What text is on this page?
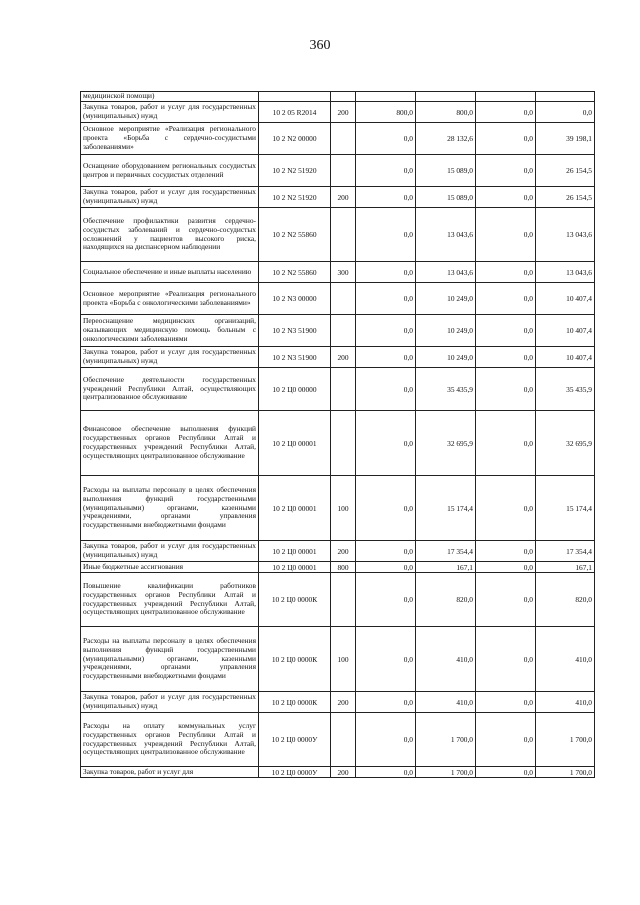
360
медицинской помощи)						
Закупка товаров, работ и услуг для государственных (муниципальных) нужд	10 2 05 R2014	200	800,0	800,0	0,0	0,0
Основное мероприятие «Реализация регионального проекта «Борьба с сердечно-сосудистыми заболеваниями»	10 2 N2 00000		0,0	28 132,6	0,0	39 198,1
Оснащение оборудованием региональных сосудистых центров и первичных сосудистых отделений	10 2 N2 51920		0,0	15 089,0	0,0	26 154,5
Закупка товаров, работ и услуг для государственных (муниципальных) нужд	10 2 N2 51920	200	0,0	15 089,0	0,0	26 154,5
Обеспечение профилактики развития сердечно-сосудистых заболеваний и сердечно-сосудистых осложнений у пациентов высокого риска, находящихся на диспансерном наблюдении	10 2 N2 55860		0,0	13 043,6	0,0	13 043,6
Социальное обеспечение и иные выплаты населению	10 2 N2 55860	300	0,0	13 043,6	0,0	13 043,6
Основное мероприятие «Реализация регионального проекта «Борьба с онкологическими заболеваниями»	10 2 N3 00000		0,0	10 249,0	0,0	10 407,4
Переоснащение медицинских организаций, оказывающих медицинскую помощь больным с онкологическими заболеваниями	10 2 N3 51900		0,0	10 249,0	0,0	10 407,4
Закупка товаров, работ и услуг для государственных (муниципальных) нужд	10 2 N3 51900	200	0,0	10 249,0	0,0	10 407,4
Обеспечение деятельности государственных учреждений Республики Алтай, осуществляющих централизованное обслуживание	10 2 Ц0 00000		0,0	35 435,9	0,0	35 435,9
Финансовое обеспечение выполнения функций государственных органов Республики Алтай и государственных учреждений Республики Алтай, осуществляющих централизованное обслуживание	10 2 Ц0 00001		0,0	32 695,9	0,0	32 695,9
Расходы на выплаты персоналу в целях обеспечения выполнения функций государственными (муниципальными) органами, казенными учреждениями, органами управления государственными внебюджетными фондами	10 2 Ц0 00001	100	0,0	15 174,4	0,0	15 174,4
Закупка товаров, работ и услуг для государственных (муниципальных) нужд	10 2 Ц0 00001	200	0,0	17 354,4	0,0	17 354,4
Иные бюджетные ассигнования	10 2 Ц0 00001	800	0,0	167,1	0,0	167,1
Повышение квалификации работников государственных органов Республики Алтай и государственных учреждений Республики Алтай, осуществляющих централизованное обслуживание	10 2 Ц0 0000К		0,0	820,0	0,0	820,0
Расходы на выплаты персоналу в целях обеспечения выполнения функций государственными (муниципальными) органами, казенными учреждениями, органами управления государственными внебюджетными фондами	10 2 Ц0 0000К	100	0,0	410,0	0,0	410,0
Закупка товаров, работ и услуг для государственных (муниципальных) нужд	10 2 Ц0 0000К	200	0,0	410,0	0,0	410,0
Расходы на оплату коммунальных услуг государственных органов Республики Алтай и государственных учреждений Республики Алтай, осуществляющих централизованное обслуживание	10 2 Ц0 0000У		0,0	1 700,0	0,0	1 700,0
Закупка товаров, работ и услуг для	10 2 Ц0 0000У	200	0,0	1 700,0	0,0	1 700,0
